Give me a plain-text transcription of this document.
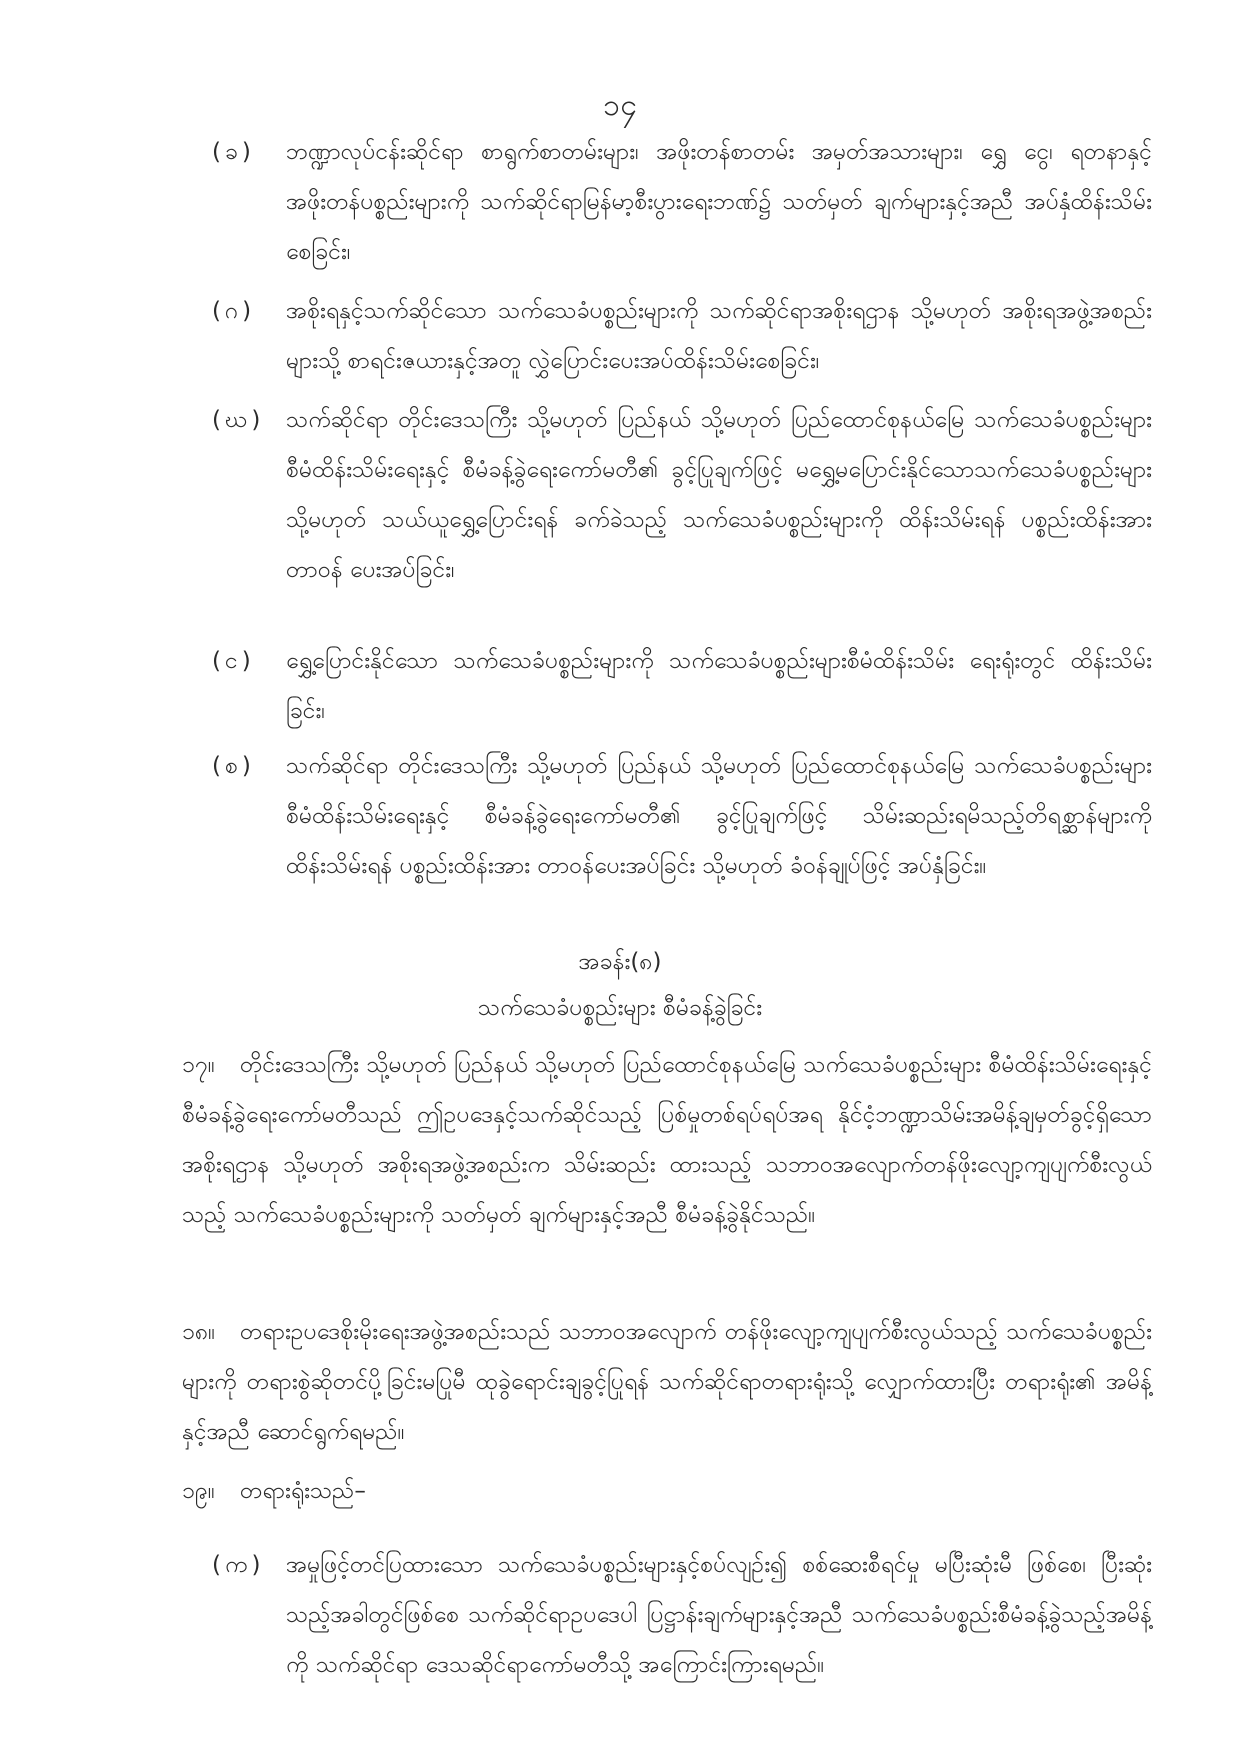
၁၄
(ခ)	ဘဏ္ဍာလုပ်ငန်းဆိုင်ရာ စာရွက်စာတမ်းများ၊ အဖိုးတန်စာတမ်း အမှတ်အသားများ၊ ရွှေ ငွေ၊ ရတနာနှင့် အဖိုးတန်ပစ္စည်းများကို သက်ဆိုင်ရာမြန်မာ့စီးပွားရေးဘဏ်၌ သတ်မှတ် ချက်များနှင့်အညီ အပ်နှံထိန်းသိမ်းစေခြင်း၊

(ဂ)	အစိုးရနှင့်သက်ဆိုင်သော သက်သေခံပစ္စည်းများကို သက်ဆိုင်ရာအစိုးရဌာန သို့မဟုတ် အစိုးရအဖွဲ့အစည်းများသို့ စာရင်းဇယားနှင့်အတူ လွှဲပြောင်းပေးအပ်ထိန်းသိမ်းစေခြင်း၊

(ဃ) သက်ဆိုင်ရာ တိုင်းဒေသကြီး သို့မဟုတ် ပြည်နယ် သို့မဟုတ် ပြည်ထောင်စုနယ်မြေ သက်သေခံပစ္စည်းများ စီမံထိန်းသိမ်းရေးနှင့် စီမံခန့်ခွဲရေးကော်မတီ၏ ခွင့်ပြုချက်ဖြင့် မရွှေ့မပြောင်းနိုင်သောသက်သေခံပစ္စည်းများ သို့မဟုတ် သယ်ယူရွှေ့ပြောင်းရန် ခက်ခဲသည့် သက်သေခံပစ္စည်းများကို ထိန်းသိမ်းရန် ပစ္စည်းထိန်းအား တာဝန် ပေးအပ်ခြင်း၊

(င)	ရွှေ့ပြောင်းနိုင်သော သက်သေခံပစ္စည်းများကို သက်သေခံပစ္စည်းများစီမံထိန်းသိမ်း ရေးရုံးတွင် ထိန်းသိမ်းခြင်း၊

(စ)	သက်ဆိုင်ရာ တိုင်းဒေသကြီး သို့မဟုတ် ပြည်နယ် သို့မဟုတ် ပြည်ထောင်စုနယ်မြေ သက်သေခံပစ္စည်းများစီမံထိန်းသိမ်းရေးနှင့် စီမံခန့်ခွဲရေးကော်မတီ၏ ခွင့်ပြုချက်ဖြင့် သိမ်းဆည်းရမိသည့်တိရစ္ဆာန်များကို ထိန်းသိမ်းရန် ပစ္စည်းထိန်းအား တာဝန်ပေးအပ်ခြင်း သို့မဟုတ် ခံဝန်ချုပ်ဖြင့် အပ်နှံခြင်း။

အခန်း(၈)
သက်သေခံပစ္စည်းများ စီမံခန့်ခွဲခြင်း

၁၇။ တိုင်းဒေသကြီး သို့မဟုတ် ပြည်နယ် သို့မဟုတ် ပြည်ထောင်စုနယ်မြေ သက်သေခံပစ္စည်းများ စီမံထိန်းသိမ်းရေးနှင့် စီမံခန့်ခွဲရေးကော်မတီသည် ဤဥပဒေနှင့်သက်ဆိုင်သည့် ပြစ်မှုတစ်ရပ်ရပ်အရ နိုင်ငံ့ဘဏ္ဍာသိမ်းအမိန့်ချမှတ်ခွင့်ရှိသော အစိုးရဌာန သို့မဟုတ် အစိုးရအဖွဲ့အစည်းက သိမ်းဆည်း ထားသည့် သဘာဝအလျောက်တန်ဖိုးလျော့ကျပျက်စီးလွယ်သည့် သက်သေခံပစ္စည်းများကို သတ်မှတ် ချက်များနှင့်အညီ စီမံခန့်ခွဲနိုင်သည်။

၁၈။ တရားဥပဒေစိုးမိုးရေးအဖွဲ့အစည်းသည် သဘာဝအလျောက် တန်ဖိုးလျော့ကျပျက်စီးလွယ်သည့် သက်သေခံပစ္စည်းများကို တရားစွဲဆိုတင်ပို့ခြင်းမပြုမီ ထုခွဲရောင်းချခွင့်ပြုရန် သက်ဆိုင်ရာတရားရုံးသို့ လျှောက်ထားပြီး တရားရုံး၏ အမိန့်နှင့်အညီ ဆောင်ရွက်ရမည်။

၁၉။ တရားရုံးသည်–

(က) အမှုဖြင့်တင်ပြထားသော သက်သေခံပစ္စည်းများနှင့်စပ်လျဉ်း၍ စစ်ဆေးစီရင်မှု မပြီးဆုံးမီ ဖြစ်စေ၊ ပြီးဆုံးသည့်အခါတွင်ဖြစ်စေ သက်ဆိုင်ရာဥပဒေပါ ပြဋ္ဌာန်းချက်များနှင့်အညီ သက်သေခံပစ္စည်းစီမံခန့်ခွဲသည့်အမိန့်ကို သက်ဆိုင်ရာ ဒေသဆိုင်ရာကော်မတီသို့ အကြောင်းကြားရမည်။
